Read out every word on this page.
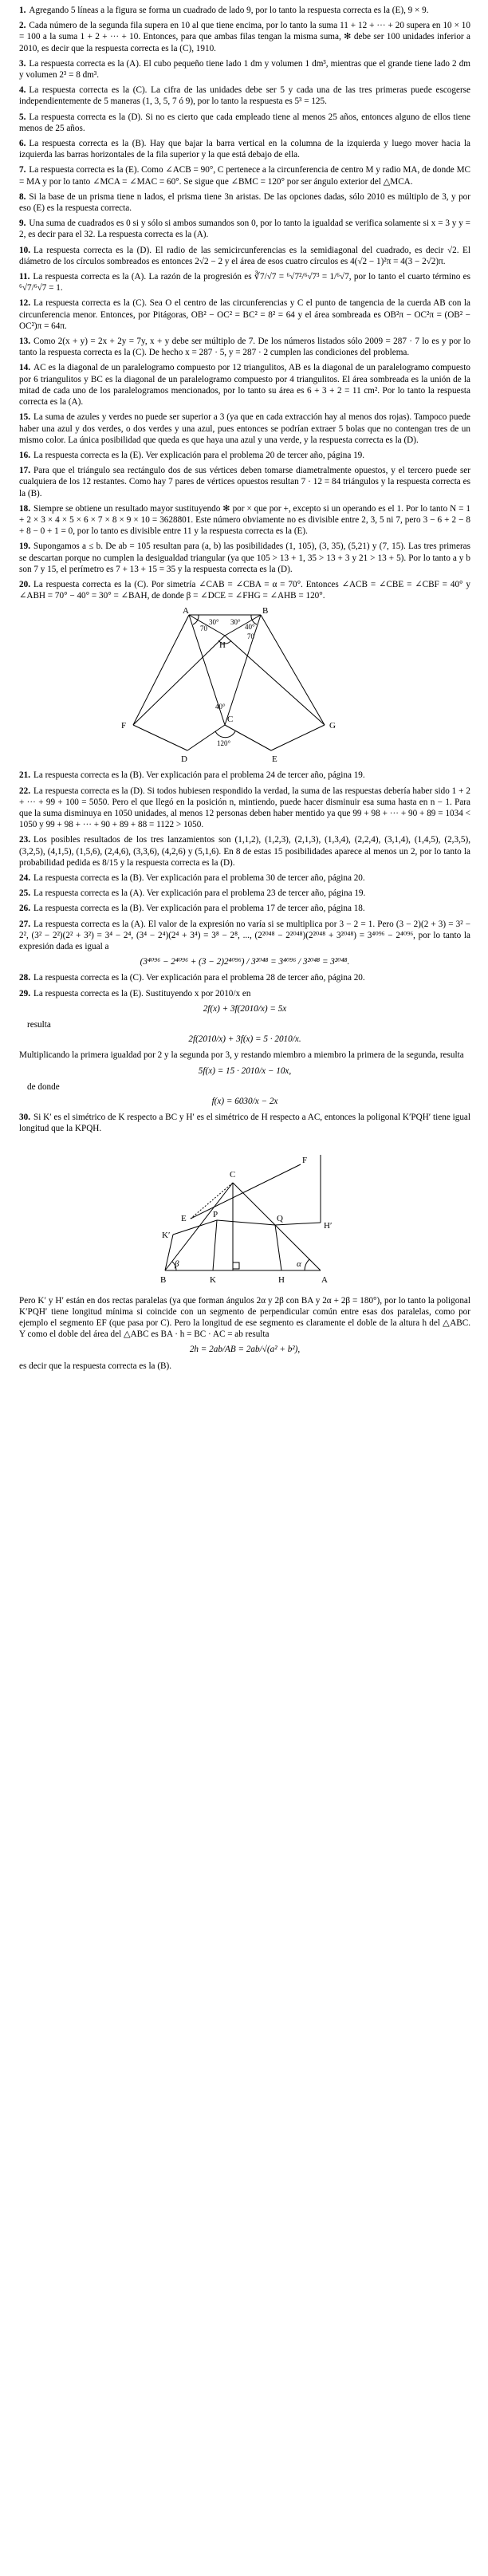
1. Agregando 5 líneas a la figura se forma un cuadrado de lado 9, por lo tanto la respuesta correcta es la (E), 9 × 9.
2. Cada número de la segunda fila supera en 10 al que tiene encima, por lo tanto la suma 11 + 12 + ··· + 20 supera en 10 × 10 = 100 a la suma 1 + 2 + ··· + 10. Entonces, para que ambas filas tengan la misma suma, ✻ debe ser 100 unidades inferior a 2010, es decir que la respuesta correcta es la (C), 1910.
3. La respuesta correcta es la (A). El cubo pequeño tiene lado 1 dm y volumen 1 dm³, mientras que el grande tiene lado 2 dm y volumen 2³ = 8 dm³.
4. La respuesta correcta es la (C). La cifra de las unidades debe ser 5 y cada una de las tres primeras puede escogerse independientemente de 5 maneras (1, 3, 5, 7 ó 9), por lo tanto la respuesta es 5³ = 125.
5. La respuesta correcta es la (D). Si no es cierto que cada empleado tiene al menos 25 años, entonces alguno de ellos tiene menos de 25 años.
6. La respuesta correcta es la (B). Hay que bajar la barra vertical en la columna de la izquierda y luego mover hacia la izquierda las barras horizontales de la fila superior y la que está debajo de ella.
7. La respuesta correcta es la (E). Como ∠ACB = 90°, C pertenece a la circunferencia de centro M y radio MA, de donde MC = MA y por lo tanto ∠MCA = ∠MAC = 60°. Se sigue que ∠BMC = 120° por ser ángulo exterior del △MCA.
8. Si la base de un prisma tiene n lados, el prisma tiene 3n aristas. De las opciones dadas, sólo 2010 es múltiplo de 3, y por eso (E) es la respuesta correcta.
9. Una suma de cuadrados es 0 si y sólo si ambos sumandos son 0, por lo tanto la igualdad se verifica solamente si x = 3 y y = 2, es decir para el 32. La respuesta correcta es la (A).
10. La respuesta correcta es la (D). El radio de las semicircunferencias es la semidiagonal del cuadrado, es decir √2. El diámetro de los círculos sombreados es entonces 2√2 − 2 y el área de esos cuatro círculos es 4(√2 − 1)²π = 4(3 − 2√2)π.
11. La respuesta correcta es la (A). La razón de la progresión es ∛7/√7 = ⁶√7²/⁶√7³ = 1/⁶√7, por lo tanto el cuarto término es ⁶√7/⁶√7 = 1.
12. La respuesta correcta es la (C). Sea O el centro de las circunferencias y C el punto de tangencia de la cuerda AB con la circunferencia menor. Entonces, por Pitágoras, OB² − OC² = BC² = 8² = 64 y el área sombreada es OB²π − OC²π = (OB² − OC²)π = 64π.
13. Como 2(x + y) = 2x + 2y = 7y, x + y debe ser múltiplo de 7. De los números listados sólo 2009 = 287 · 7 lo es y por lo tanto la respuesta correcta es la (C). De hecho x = 287 · 5, y = 287 · 2 cumplen las condiciones del problema.
14. AC es la diagonal de un paralelogramo compuesto por 12 triangulitos, AB es la diagonal de un paralelogramo compuesto por 6 triangulitos y BC es la diagonal de un paralelogramo compuesto por 4 triangulitos. El área sombreada es la unión de la mitad de cada uno de los paralelogramos mencionados, por lo tanto su área es 6 + 3 + 2 = 11 cm². Por lo tanto la respuesta correcta es la (A).
15. La suma de azules y verdes no puede ser superior a 3 (ya que en cada extracción hay al menos dos rojas). Tampoco puede haber una azul y dos verdes, o dos verdes y una azul, pues entonces se podrían extraer 5 bolas que no contengan tres de un mismo color. La única posibilidad que queda es que haya una azul y una verde, y la respuesta correcta es la (D).
16. La respuesta correcta es la (E). Ver explicación para el problema 20 de tercer año, página 19.
17. Para que el triángulo sea rectángulo dos de sus vértices deben tomarse diametralmente opuestos, y el tercero puede ser cualquiera de los 12 restantes. Como hay 7 pares de vértices opuestos resultan 7 · 12 = 84 triángulos y la respuesta correcta es la (B).
18. Siempre se obtiene un resultado mayor sustituyendo ✻ por × que por +, excepto si un operando es el 1. Por lo tanto N = 1 + 2 × 3 × 4 × 5 × 6 × 7 × 8 × 9 × 10 = 3628801. Este número obviamente no es divisible entre 2, 3, 5 ni 7, pero 3 − 6 + 2 − 8 + 8 − 0 + 1 = 0, por lo tanto es divisible entre 11 y la respuesta correcta es la (E).
19. Supongamos a ≤ b. De ab = 105 resultan para (a, b) las posibilidades (1, 105), (3, 35), (5,21) y (7, 15). Las tres primeras se descartan porque no cumplen la desigualdad triangular (ya que 105 > 13 + 1, 35 > 13 + 3 y 21 > 13 + 5). Por lo tanto a y b son 7 y 15, el perímetro es 7 + 13 + 15 = 35 y la respuesta correcta es la (D).
20. La respuesta correcta es la (C). Por simetría ∠CAB = ∠CBA = α = 70°. Entonces ∠ACB = ∠CBE = ∠CBF = 40° y ∠ABH = 70° − 40° = 30° = ∠BAH, de donde β = ∠DCE = ∠FHG = ∠AHB = 120°.
A	B
H
C
F	G
D	E
70
30° 30°
40°
40°
120°
70
21. La respuesta correcta es la (B). Ver explicación para el problema 24 de tercer año, página 19.
22. La respuesta correcta es la (D). Si todos hubiesen respondido la verdad, la suma de las respuestas debería haber sido 1 + 2 + ··· + 99 + 100 = 5050. Pero el que llegó en la posición n, mintiendo, puede hacer disminuir esa suma hasta en n − 1. Para que la suma disminuya en 1050 unidades, al menos 12 personas deben haber mentido ya que 99 + 98 + ··· + 90 + 89 = 1034 < 1050 y 99 + 98 + ··· + 90 + 89 + 88 = 1122 > 1050.
23. Los posibles resultados de los tres lanzamientos son (1,1,2), (1,2,3), (2,1,3), (1,3,4), (2,2,4), (3,1,4), (1,4,5), (2,3,5), (3,2,5), (4,1,5), (1,5,6), (2,4,6), (3,3,6), (4,2,6) y (5,1,6). En 8 de estas 15 posibilidades aparece al menos un 2, por lo tanto la probabilidad pedida es 8/15 y la respuesta correcta es la (D).
24. La respuesta correcta es la (B). Ver explicación para el problema 30 de tercer año, página 20.
25. La respuesta correcta es la (A). Ver explicación para el problema 23 de tercer año, página 19.
26. La respuesta correcta es la (B). Ver explicación para el problema 17 de tercer año, página 18.
27. La respuesta correcta es la (A). El valor de la expresión no varía si se multiplica por 3 − 2 = 1. Pero (3 − 2)(2 + 3) = 3² − 2², (3² − 2²)(2² + 3²) = 3⁴ − 2⁴, (3⁴ − 2⁴)(2⁴ + 3⁴) = 3⁸ − 2⁸, ..., (2²⁰⁴⁸ − 2²⁰⁴⁸)(2²⁰⁴⁸ + 3²⁰⁴⁸) = 3⁴⁰⁹⁶ − 2⁴⁰⁹⁶, por lo tanto la expresión dada es igual a
(3⁴⁰⁹⁶ − 2⁴⁰⁹⁶ + (3 − 2)2⁴⁰⁹⁶) / 3²⁰⁴⁸ = 3⁴⁰⁹⁶ / 3²⁰⁴⁸ = 3²⁰⁴⁸.
28. La respuesta correcta es la (C). Ver explicación para el problema 28 de tercer año, página 20.
29. La respuesta correcta es la (E). Sustituyendo x por 2010/x en
2f(x) + 3f(2010/x) = 5x
resulta
2f(2010/x) + 3f(x) = 5 · 2010/x.
Multiplicando la primera igualdad por 2 y la segunda por 3, y restando miembro a miembro la primera de la segunda, resulta
5f(x) = 15 · 2010/x − 10x,
de donde
f(x) = 6030/x − 2x
30. Si K′ es el simétrico de K respecto a BC y H′ es el simétrico de H respecto a AC, entonces la poligonal K′PQH′ tiene igual longitud que la KPQH.
C
F
E	P	Q
H′
K′
B	K	H	A
α
β
Pero K′ y H′ están en dos rectas paralelas (ya que forman ángulos 2α y 2β con BA y 2α + 2β = 180°), por lo tanto la poligonal K′PQH′ tiene longitud mínima si coincide con un segmento de perpendicular común entre esas dos paralelas, como por ejemplo el segmento EF (que pasa por C). Pero la longitud de ese segmento es claramente el doble de la altura h del △ABC. Y como el doble del área del △ABC es BA · h = BC · AC = ab resulta
2h = 2ab/AB = 2ab/√(a² + b²),
es decir que la respuesta correcta es la (B).
